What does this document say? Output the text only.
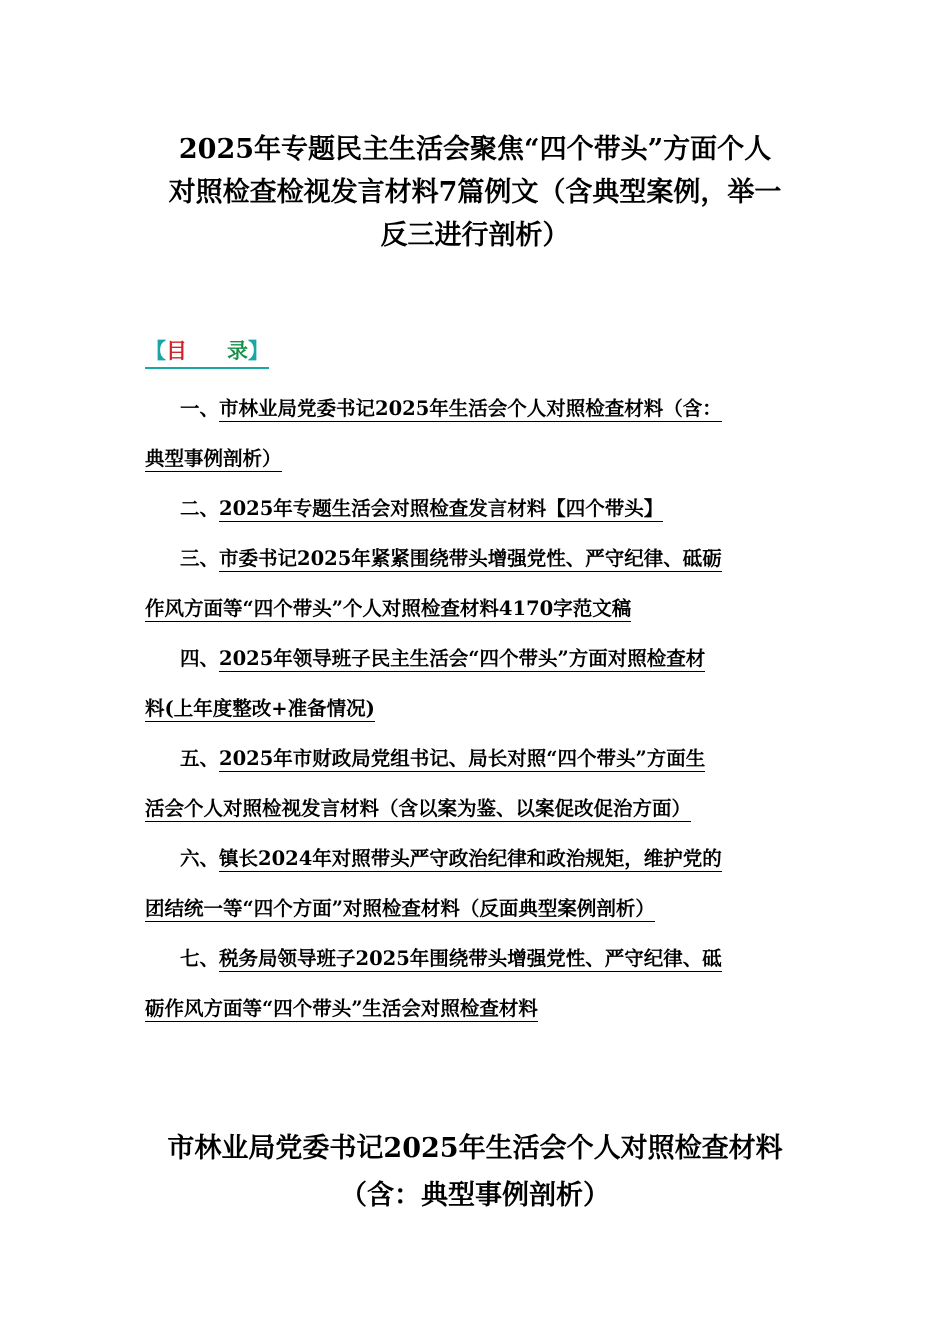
2025年专题民主生活会聚焦“四个带头”方面个人
对照检查检视发言材料7篇例文（含典型案例，举一
反三进行剖析）
【目 录】
一、市林业局党委书记2025年生活会个人对照检查材料（含：
典型事例剖析）
二、2025年专题生活会对照检查发言材料【四个带头】
三、市委书记2025年紧紧围绕带头增强党性、严守纪律、砥砺
作风方面等“四个带头”个人对照检查材料4170字范文稿
四、2025年领导班子民主生活会“四个带头”方面对照检查材
料(上年度整改+准备情况)
五、2025年市财政局党组书记、局长对照“四个带头”方面生
活会个人对照检视发言材料（含以案为鉴、以案促改促治方面）
六、镇长2024年对照带头严守政治纪律和政治规矩，维护党的
团结统一等“四个方面”对照检查材料（反面典型案例剖析）
七、税务局领导班子2025年围绕带头增强党性、严守纪律、砥
砺作风方面等“四个带头”生活会对照检查材料
市林业局党委书记2025年生活会个人对照检查材料
（含：典型事例剖析）
